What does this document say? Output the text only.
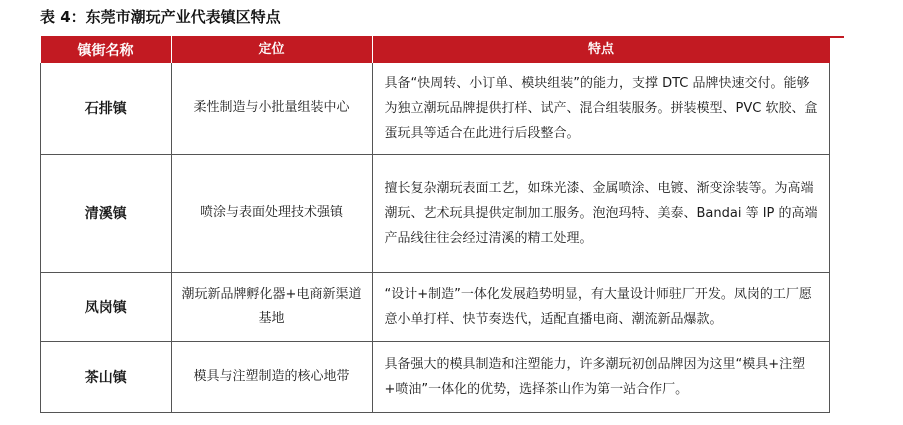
表 4：东莞市潮玩产业代表镇区特点
镇街名称	定位	特点
石排镇	柔性制造与小批量组装中心	具备“快周转、小订单、模块组装”的能力，支撑 DTC 品牌快速交付。能够为独立潮玩品牌提供打样、试产、混合组装服务。拼装模型、PVC 软胶、盒蛋玩具等适合在此进行后段整合。
清溪镇	喷涂与表面处理技术强镇	擅长复杂潮玩表面工艺，如珠光漆、金属喷涂、电镀、渐变涂装等。为高端潮玩、艺术玩具提供定制加工服务。泡泡玛特、美泰、Bandai 等 IP 的高端产品线往往会经过清溪的精工处理。
凤岗镇	潮玩新品牌孵化器+电商新渠道基地	“设计+制造”一体化发展趋势明显，有大量设计师驻厂开发。凤岗的工厂愿意小单打样、快节奏迭代，适配直播电商、潮流新品爆款。
茶山镇	模具与注塑制造的核心地带	具备强大的模具制造和注塑能力，许多潮玩初创品牌因为这里“模具+注塑+喷油”一体化的优势，选择茶山作为第一站合作厂。
